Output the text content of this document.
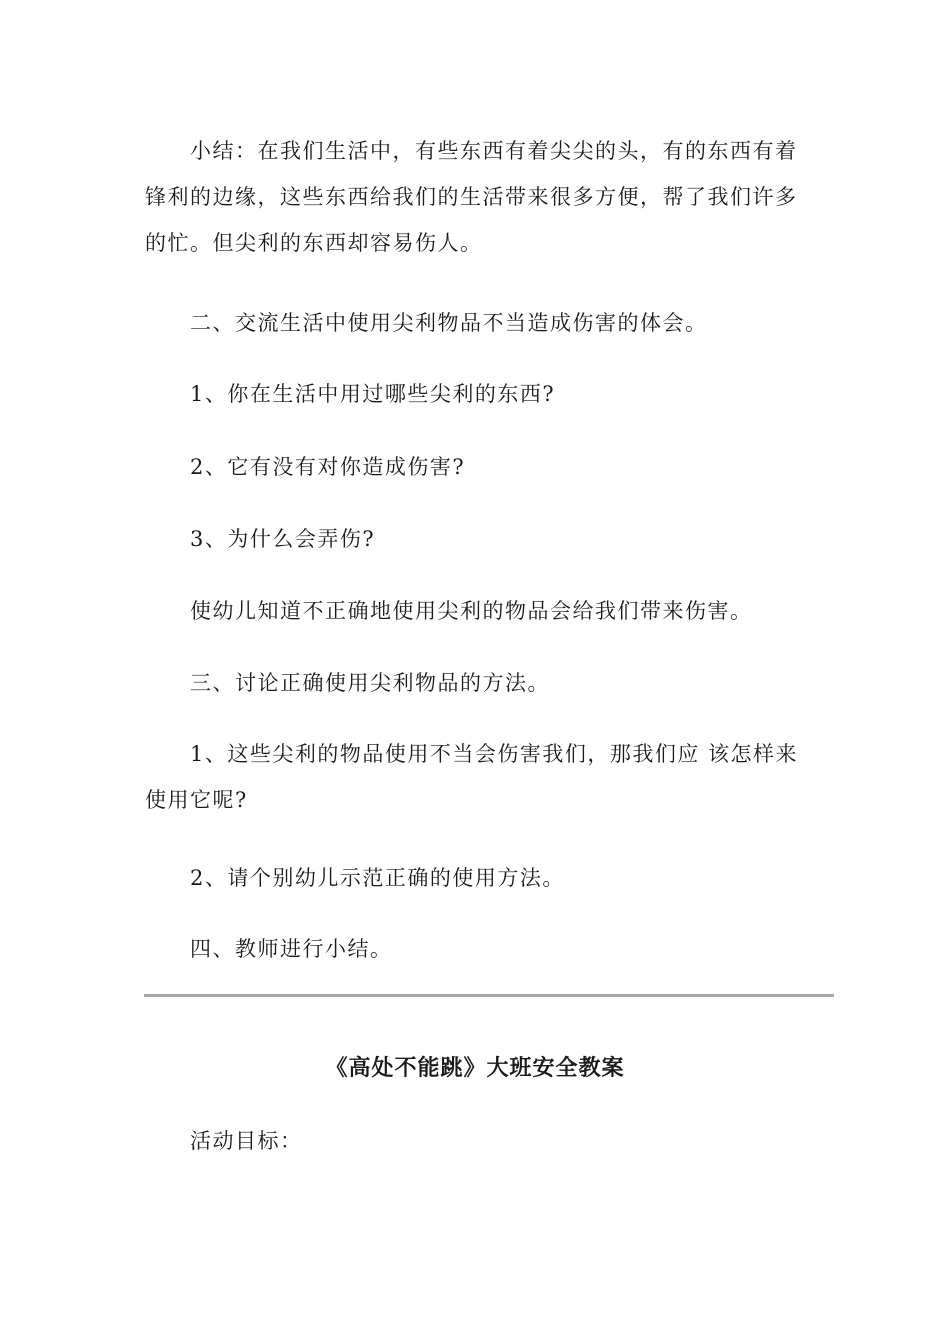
小结：在我们生活中，有些东西有着尖尖的头，有的东西有着
锋利的边缘，这些东西给我们的生活带来很多方便，帮了我们许多
的忙。但尖利的东西却容易伤人。
二、交流生活中使用尖利物品不当造成伤害的体会。
1、你在生活中用过哪些尖利的东西?
2、它有没有对你造成伤害?
3、为什么会弄伤?
使幼儿知道不正确地使用尖利的物品会给我们带来伤害。
三、讨论正确使用尖利物品的方法。
1、这些尖利的物品使用不当会伤害我们，那我们应 该怎样来
使用它呢?
2、请个别幼儿示范正确的使用方法。
四、教师进行小结。
《高处不能跳》大班安全教案
活动目标：
